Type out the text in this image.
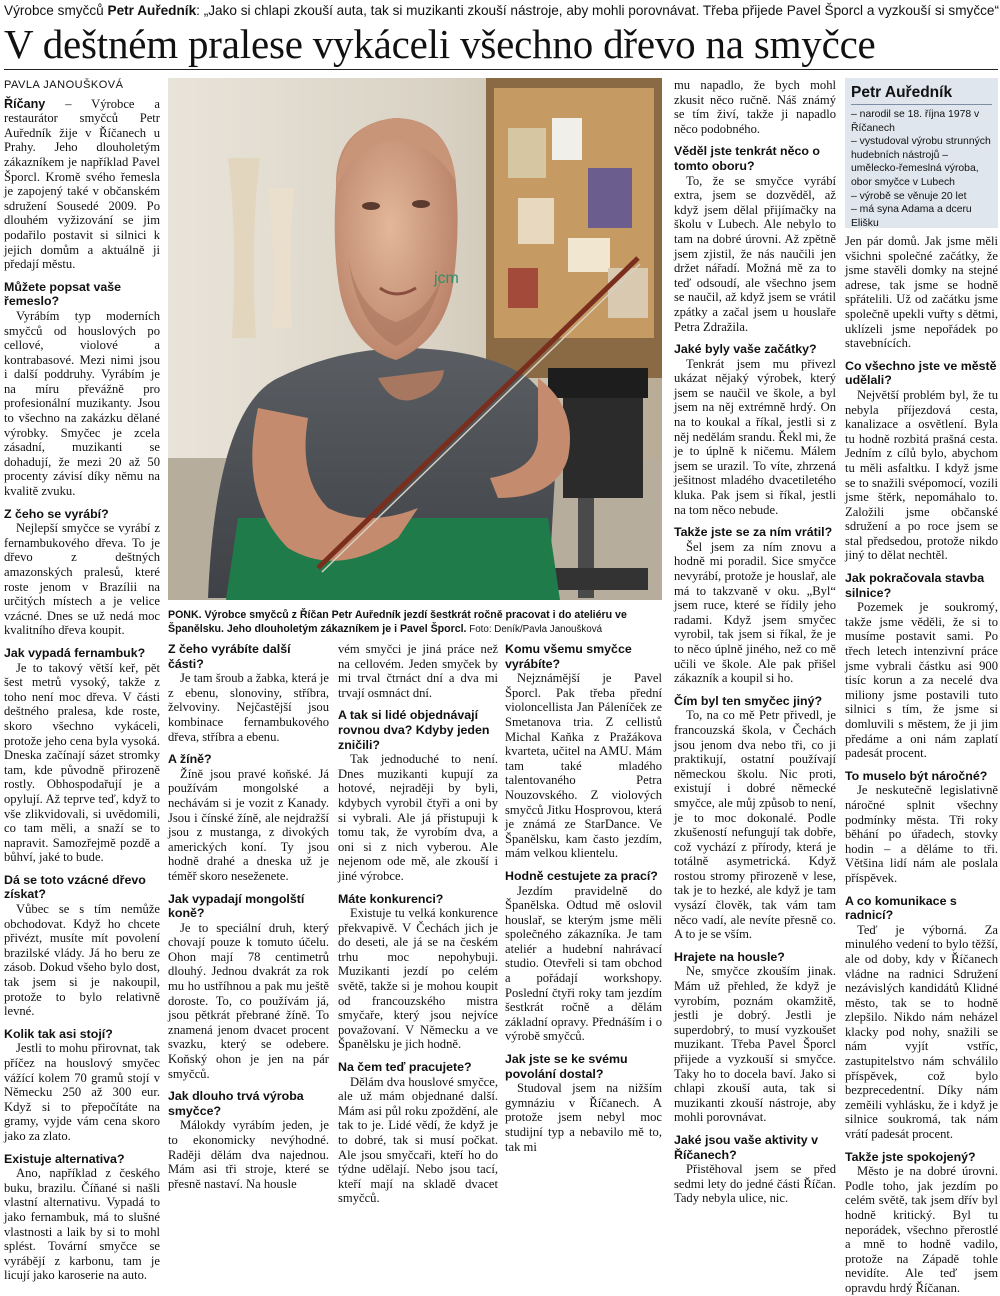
Výrobce smyčců Petr Auředník: „Jako si chlapi zkouší auta, tak si muzikanti zkouší nástroje, aby mohli porovnávat. Třeba přijede Pavel Šporcl a vyzkouší si smyčce“
V deštném pralese vykáceli všechno dřevo na smyčce
PAVLA JANOUŠKOVÁ

Říčany – Výrobce a restaurátor smyčců Petr Auředník žije v Říčanech u Prahy. Jeho dlouholetým zákazníkem je například Pavel Šporcl. Kromě svého řemesla je zapojený také v občanském sdružení Sousedé 2009. Po dlouhém vyžizování se jim podařilo postavit si silnici k jejich domům a aktuálně ji předají městu.

Můžete popsat vaše řemeslo?

Vyrábím typ moderních smyčců od houslových po cellové, violové a kontrabasové. Mezi nimi jsou i další poddruhy. Vyrábím je na míru převážně pro profesionální muzikanty. Jsou to všechno na zakázku dělané výrobky. Smyčec je zcela zásadní, muzikanti se dohadují, že mezi 20 až 50 procenty závisí díky němu na kvalitě zvuku.

Z čeho se vyrábí?

Nejlepší smyčce se vyrábí z fernambukového dřeva. To je dřevo z deštných amazonských pralesů, které roste jenom v Brazílii na určitých místech a je velice vzácné. Dnes se už nedá moc kvalitního dřeva koupit.

Jak vypadá fernambuk?

Je to takový větší keř, pět šest metrů vysoký, takže z toho není moc dřeva. V části deštného pralesa, kde roste, skoro všechno vykáceli, protože jeho cena byla vysoká. Dneska začínají sázet stromky tam, kde původně přirozeně rostly. Obhospodařují je a opylují. Až teprve teď, když to vše zlikvidovali, si uvědomili, co tam měli, a snaží se to napravit. Samozřejmě pozdě a bůhví, jaké to bude.

Dá se toto vzácné dřevo získat?

Vůbec se s tím nemůže obchodovat. Když ho chcete přivézt, musíte mít povolení brazilské vlády. Já ho beru ze zásob. Dokud všeho bylo dost, tak jsem si je nakoupil, protože to bylo relativně levné.

Kolik tak asi stojí?

Jestli to mohu přirovnat, tak příčez na houslový smyčec vážící kolem 70 gramů stojí v Německu 250 až 300 eur. Když si to přepočítáte na gramy, vyjde vám cena skoro jako za zlato.

Existuje alternativa?

Ano, například z českého buku, brazilu. Číňané si našli vlastní alternativu. Vypadá to jako fernambuk, má to slušné vlastnosti a laik by si to mohl splést. Tovární smyčce se vyrábějí z karbonu, tam je licují jako karoserie na auto.

jcm
PONK. Výrobce smyčců z Říčan Petr Auředník jezdí šestkrát ročně pracovat i do ateliéru ve Španělsku. Jeho dlouholetým zákazníkem je i Pavel Šporcl. Foto: Deník/Pavla Janoušková
Z čeho vyrábíte další části?

Je tam šroub a žabka, která je z ebenu, slonoviny, stříbra, želvoviny. Nejčastější jsou kombinace fernambukového dřeva, stříbra a ebenu.

A žíně?

Žíně jsou pravé koňské. Já používám mongolské a nechávám si je vozit z Kanady. Jsou i čínské žíně, ale nejdražší jsou z mustanga, z divokých amerických koní. Ty jsou hodně drahé a dneska už je téměř skoro neseženete.

Jak vypadají mongolští koně?

Je to speciální druh, který chovají pouze k tomuto účelu. Ohon mají 78 centimetrů dlouhý. Jednou dvakrát za rok mu ho ustříhnou a pak mu ještě doroste. To, co používám já, jsou pětkrát přebrané žíně. To znamená jenom dvacet procent svazku, který se odebere. Koňský ohon je jen na pár smyčců.

Jak dlouho trvá výroba smyčce?

Málokdy vyrábím jeden, je to ekonomicky nevýhodné. Raději dělám dva najednou. Mám asi tři stroje, které se přesně nastaví. Na housle

vém smyčci je jiná práce než na cellovém. Jeden smyček by mi trval čtrnáct dní a dva mi trvají osmnáct dní.

A tak si lidé objednávají rovnou dva? Kdyby jeden zničili?

Tak jednoduché to není. Dnes muzikanti kupují za hotové, nejraději by byli, kdybych vyrobil čtyři a oni by si vybrali. Ale já přistupuji k tomu tak, že vyrobím dva, a oni si z nich vyberou. Ale nejenom ode mě, ale zkouší i jiné výrobce.

Máte konkurenci?

Existuje tu velká konkurence překvapivě. V Čechách jich je do deseti, ale já se na českém trhu moc nepohybuji. Muzikanti jezdí po celém světě, takže si je mohou koupit od francouzského mistra smyčaře, který jsou nejvíce považovaní. V Německu a ve Španělsku je jich hodně.

Na čem teď pracujete?

Dělám dva houslové smyčce, ale už mám objednané další. Mám asi půl roku zpoždění, ale tak to je. Lidé vědí, že když je to dobré, tak si musí počkat. Ale jsou smyčcaři, kteří ho do týdne udělají. Nebo jsou tací, kteří mají na skladě dvacet smyčců.

Komu všemu smyčce vyrábíte?

Nejznámější je Pavel Šporcl. Pak třeba přední violoncellista Jan Páleníček ze Smetanova tria. Z cellistů Michal Kaňka z Pražákova kvarteta, učitel na AMU. Mám tam také mladého talentovaného Petra Nouzovského. Z violových smyčců Jitku Hosprovou, která je známá ze StarDance. Ve Španělsku, kam často jezdím, mám velkou klientelu.

Hodně cestujete za prací?

Jezdím pravidelně do Španělska. Odtud mě oslovil houslař, se kterým jsme měli společného zákazníka. Je tam ateliér a hudební nahrávací studio. Otevřeli si tam obchod a pořádají workshopy. Poslední čtyři roky tam jezdím šestkrát ročně a dělám základní opravy. Přednáším i o výrobě smyčců.

Jak jste se ke svému povolání dostal?

Studoval jsem na nižším gymnáziu v Říčanech. A protože jsem nebyl moc studijní typ a nebavilo mě to, tak mi

mu napadlo, že bych mohl zkusit něco ručně. Náš známý se tím živí, takže ji napadlo něco podobného.

Věděl jste tenkrát něco o tomto oboru?

To, že se smyčce vyrábí extra, jsem se dozvěděl, až když jsem dělal přijímačky na školu v Lubech. Ale nebylo to tam na dobré úrovni. Až zpětně jsem zjistil, že nás naučili jen držet nářadí. Možná mě za to teď odsoudí, ale všechno jsem se naučil, až když jsem se vrátil zpátky a začal jsem u houslaře Petra Zdražila.

Jaké byly vaše začátky?

Tenkrát jsem mu přivezl ukázat nějaký výrobek, který jsem se naučil ve škole, a byl jsem na něj extrémně hrdý. On na to koukal a říkal, jestli si z něj nedělám srandu. Řekl mi, že je to úplně k ničemu. Málem jsem se urazil. To víte, zhrzená ješitnost mladého dvacetiletého kluka. Pak jsem si říkal, jestli na tom něco nebude.

Takže jste se za ním vrátil?

Šel jsem za ním znovu a hodně mi poradil. Sice smyčce nevyrábí, protože je houslař, ale má to takzvaně v oku. „Byl“ jsem ruce, které se řídily jeho radami. Když jsem smyčec vyrobil, tak jsem si říkal, že je to něco úplně jiného, než co mě učili ve škole. Ale pak přišel zákazník a koupil si ho.

Čím byl ten smyčec jiný?

To, na co mě Petr přivedl, je francouzská škola, v Čechách jsou jenom dva nebo tři, co ji praktikují, ostatní používají německou školu. Nic proti, existují i dobré německé smyčce, ale můj způsob to není, je to moc dokonalé. Podle zkušeností nefungují tak dobře, což vychází z přírody, která je totálně asymetrická. Když rostou stromy přirozeně v lese, tak je to hezké, ale když je tam vysází člověk, tak vám tam něco vadí, ale nevíte přesně co. A to je se vším.

Hrajete na housle?

Ne, smyčce zkouším jinak. Mám už přehled, že když je vyrobím, poznám okamžitě, jestli je dobrý. Jestli je superdobrý, to musí vyzkoušet muzikant. Třeba Pavel Šporcl přijede a vyzkouší si smyčce. Taky ho to docela baví. Jako si chlapi zkouší auta, tak si muzikanti zkouší nástroje, aby mohli porovnávat.

Jaké jsou vaše aktivity v Říčanech?

Přistěhoval jsem se před sedmi lety do jedné části Říčan. Tady nebyla ulice, nic.

Petr Auředník
– narodil se 18. října 1978 v Říčanech
– vystudoval výrobu strunných hudebních nástrojů – umělecko-řemeslná výroba, obor smyčce v Lubech
– výrobě se věnuje 20 let
– má syna Adama a dceru Elišku

Jen pár domů. Jak jsme měli všichni společné začátky, že jsme stavěli domky na stejné adrese, tak jsme se hodně spřátelili. Už od začátku jsme společně upekli vuřty s dětmi, uklízeli jsme nepořádek po stavebnících.

Co všechno jste ve městě udělali?

Největší problém byl, že tu nebyla příjezdová cesta, kanalizace a osvětlení. Byla tu hodně rozbitá prašná cesta. Jedním z cílů bylo, abychom tu měli asfaltku. I když jsme se to snažili svépomocí, vozili jsme štěrk, nepomáhalo to. Založili jsme občanské sdružení a po roce jsem se stal předsedou, protože nikdo jiný to dělat nechtěl.

Jak pokračovala stavba silnice?

Pozemek je soukromý, takže jsme věděli, že si to musíme postavit sami. Po třech letech intenzivní práce jsme vybrali částku asi 900 tisíc korun a za necelé dva miliony jsme postavili tuto silnici s tím, že jsme si domluvili s městem, že ji jim předáme a oni nám zaplatí padesát procent.

To muselo být náročné?

Je neskutečně legislativně náročné splnit všechny podmínky města. Tři roky běhání po úřadech, stovky hodin – a děláme to tři. Většina lidí nám ale poslala příspěvek.

A co komunikace s radnicí?

Teď je výborná. Za minulého vedení to bylo těžší, ale od doby, kdy v Říčanech vládne na radnici Sdružení nezávislých kandidátů Klidné město, tak se to hodně zlepšilo. Nikdo nám neházel klacky pod nohy, snažili se nám vyjít vstříc, zastupitelstvo nám schválilo příspěvek, což bylo bezprecedentní. Díky nám zeměili vyhlásku, že i když je silnice soukromá, tak nám vrátí padesát procent.

Takže jste spokojený?

Město je na dobré úrovni. Podle toho, jak jezdím po celém světě, tak jsem dřív byl hodně kritický. Byl tu neporádek, všechno přerostlé a mně to hodně vadilo, protože na Západě tohle nevidíte. Ale teď jsem opravdu hrdý Říčanan.
